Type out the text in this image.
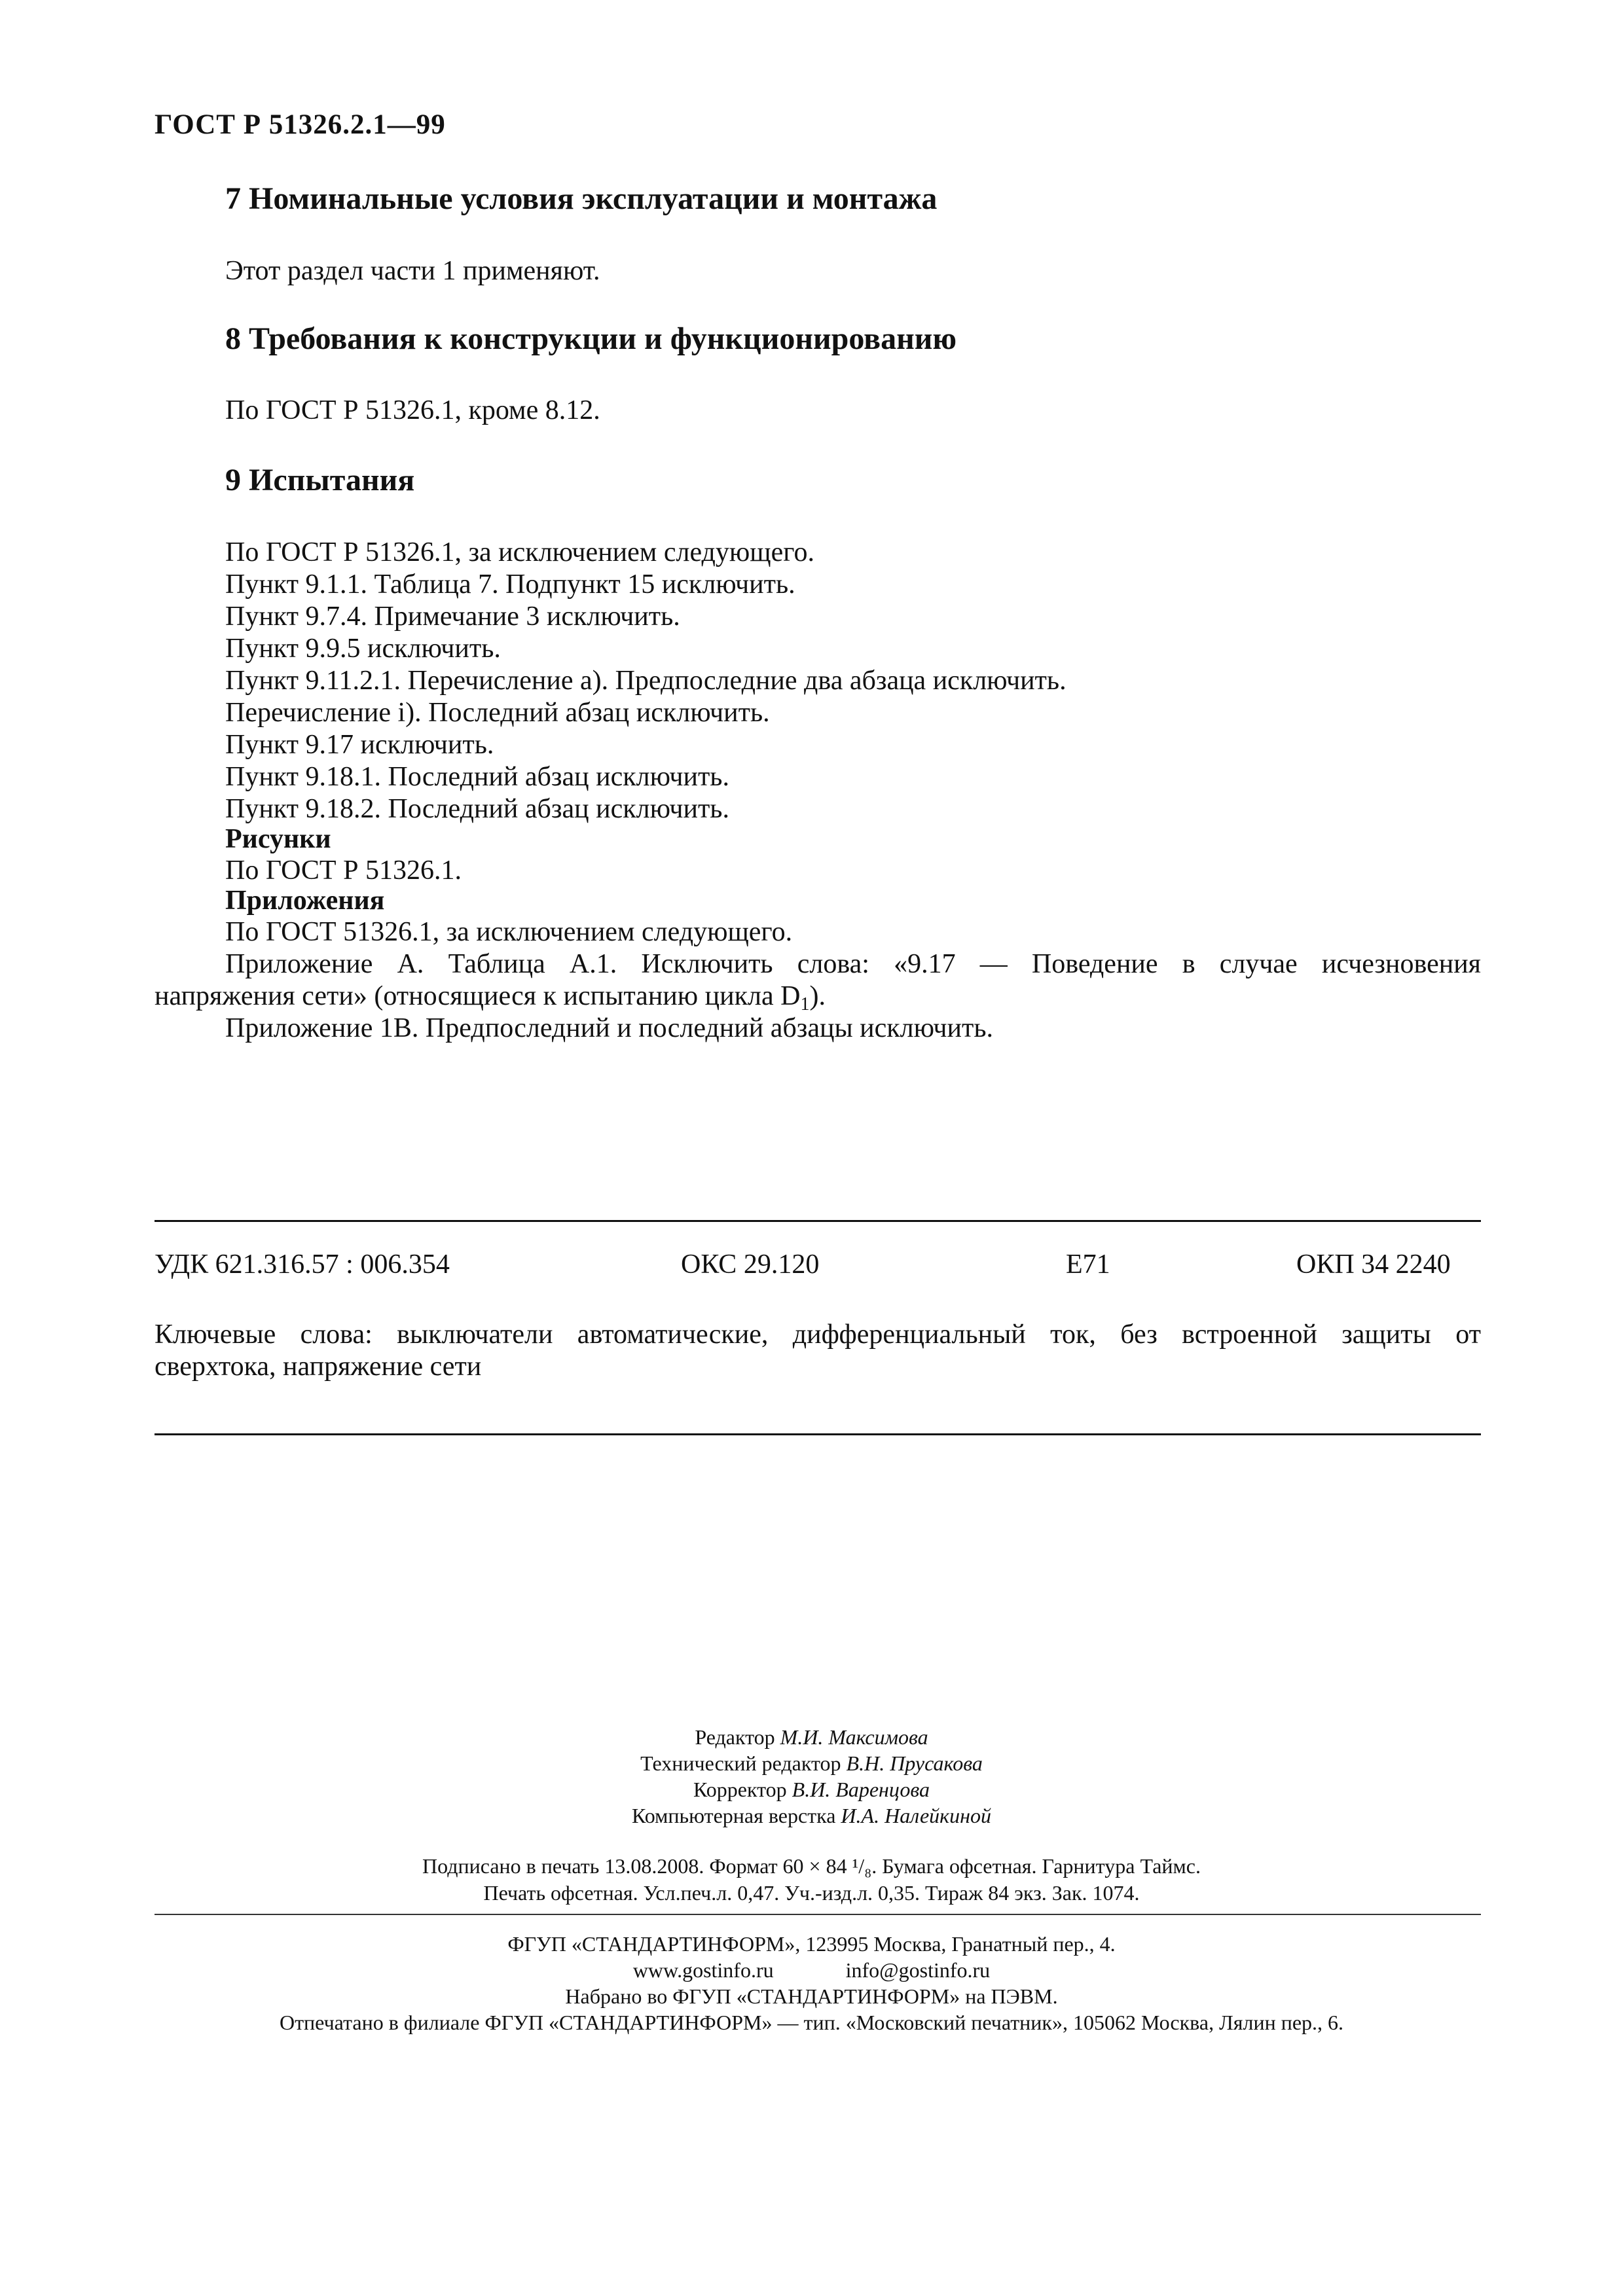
ГОСТ Р 51326.2.1—99
7 Номинальные условия эксплуатации и монтажа
Этот раздел части 1 применяют.
8 Требования к конструкции и функционированию
По ГОСТ Р 51326.1, кроме 8.12.
9 Испытания
По ГОСТ Р 51326.1, за исключением следующего.
Пункт 9.1.1. Таблица 7. Подпункт 15 исключить.
Пункт 9.7.4. Примечание 3 исключить.
Пункт 9.9.5 исключить.
Пункт 9.11.2.1. Перечисление а). Предпоследние два абзаца исключить.
Перечисление i). Последний абзац исключить.
Пункт 9.17 исключить.
Пункт 9.18.1. Последний абзац исключить.
Пункт 9.18.2. Последний абзац исключить.
Рисунки
По ГОСТ Р 51326.1.
Приложения
По ГОСТ 51326.1, за исключением следующего.
Приложение А. Таблица А.1. Исключить слова: «9.17 — Поведение в случае исчезновения
напряжения сети» (относящиеся к испытанию цикла $D_1$).
Приложение 1В. Предпоследний и последний абзацы исключить.
УДК 621.316.57 : 006.354	ОКС 29.120	Е71	ОКП 34 2240
Ключевые слова: выключатели автоматические, дифференциальный ток, без встроенной защиты от
сверхтока, напряжение сети
Редактор М.И. Максимова
Технический редактор В.Н. Прусакова
Корректор В.И. Варенцова
Компьютерная верстка И.А. Налейкиной
Подписано в печать 13.08.2008. Формат 60 × 84 ¹/₈. Бумага офсетная. Гарнитура Таймс.
Печать офсетная. Усл.печ.л. 0,47. Уч.-изд.л. 0,35. Тираж 84 экз. Зак. 1074.
ФГУП «СТАНДАРТИНФОРМ», 123995 Москва, Гранатный пер., 4.
www.gostinfo.ru	info@gostinfo.ru
Набрано во ФГУП «СТАНДАРТИНФОРМ» на ПЭВМ.
Отпечатано в филиале ФГУП «СТАНДАРТИНФОРМ» — тип. «Московский печатник», 105062 Москва, Лялин пер., 6.
